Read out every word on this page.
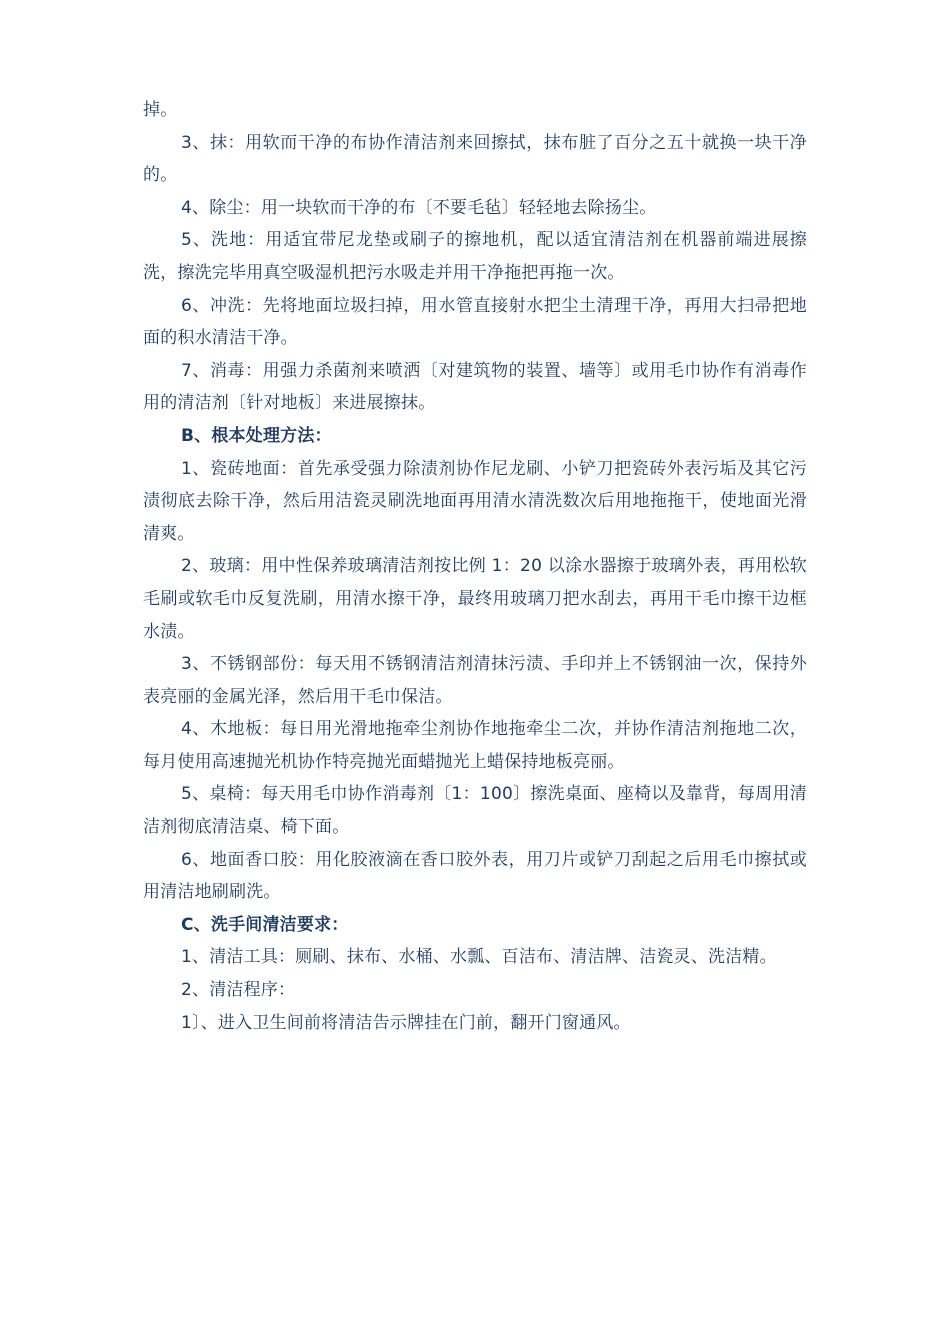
掉。

3、抹：用软而干净的布协作清洁剂来回擦拭，抹布脏了百分之五十就换一块干净的。

4、除尘：用一块软而干净的布〔不要毛毡〕轻轻地去除扬尘。

5、洗地：用适宜带尼龙垫或刷子的擦地机，配以适宜清洁剂在机器前端进展擦洗，擦洗完毕用真空吸湿机把污水吸走并用干净拖把再拖一次。

6、冲洗：先将地面垃圾扫掉，用水管直接射水把尘土清理干净，再用大扫帚把地面的积水清洁干净。

7、消毒：用强力杀菌剂来喷洒〔对建筑物的装置、墙等〕或用毛巾协作有消毒作用的清洁剂〔针对地板〕来进展擦抹。

B、根本处理方法：

1、瓷砖地面：首先承受强力除渍剂协作尼龙刷、小铲刀把瓷砖外表污垢及其它污渍彻底去除干净，然后用洁瓷灵刷洗地面再用清水清洗数次后用地拖拖干，使地面光滑清爽。

2、玻璃：用中性保养玻璃清洁剂按比例 1：20 以涂水器擦于玻璃外表，再用松软毛刷或软毛巾反复洗刷，用清水擦干净，最终用玻璃刀把水刮去，再用干毛巾擦干边框水渍。

3、不锈钢部份：每天用不锈钢清洁剂清抹污渍、手印并上不锈钢油一次，保持外表亮丽的金属光泽，然后用干毛巾保洁。

4、木地板：每日用光滑地拖牵尘剂协作地拖牵尘二次，并协作清洁剂拖地二次，每月使用高速抛光机协作特亮抛光面蜡抛光上蜡保持地板亮丽。

5、桌椅：每天用毛巾协作消毒剂〔1：100〕擦洗桌面、座椅以及靠背，每周用清洁剂彻底清洁桌、椅下面。

6、地面香口胶：用化胶液滴在香口胶外表，用刀片或铲刀刮起之后用毛巾擦拭或用清洁地刷刷洗。

C、洗手间清洁要求：

1、清洁工具：厕刷、抹布、水桶、水瓢、百洁布、清洁牌、洁瓷灵、洗洁精。

2、清洁程序：

1〕、进入卫生间前将清洁告示牌挂在门前，翻开门窗通风。
